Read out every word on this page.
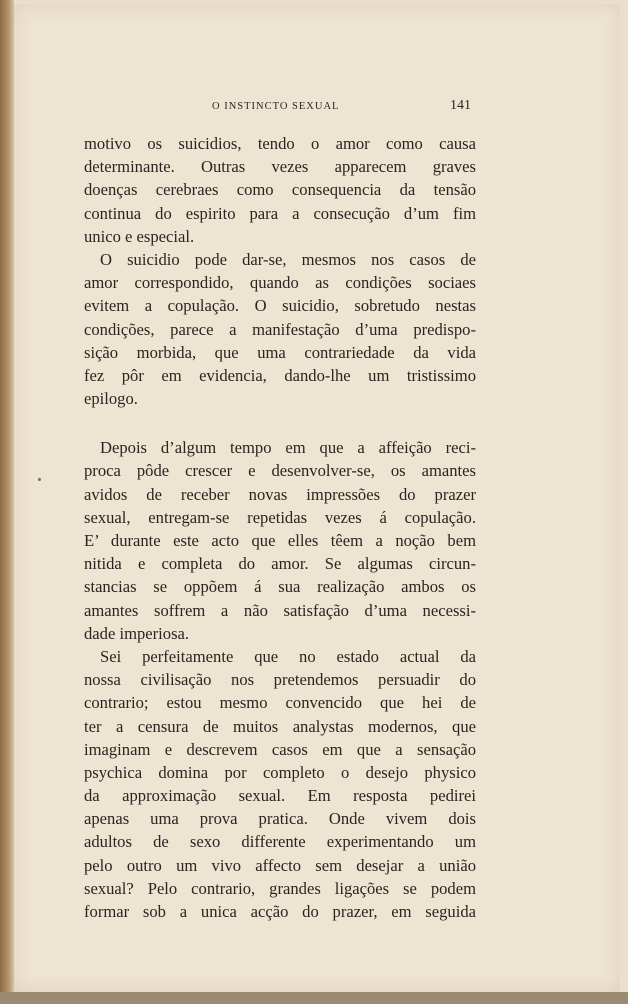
O INSTINCTO SEXUAL	141
motivo os suicidios, tendo o amor como causa
determinante. Outras vezes apparecem graves
doenças cerebraes como consequencia da tensão
continua do espirito para a consecução d’um fim
unico e especial.
O suicidio pode dar-se, mesmos nos casos de
amor correspondido, quando as condições sociaes
evitem a copulação. O suicidio, sobretudo nestas
condições, parece a manifestação d’uma predispo-
sição morbida, que uma contrariedade da vida
fez pôr em evidencia, dando-lhe um tristissimo
epilogo.
Depois d’algum tempo em que a affeição reci-
proca pôde crescer e desenvolver-se, os amantes
avidos de receber novas impressões do prazer
sexual, entregam-se repetidas vezes á copulação.
E’ durante este acto que elles têem a noção bem
nitida e completa do amor. Se algumas circun-
stancias se oppõem á sua realização ambos os
amantes soffrem a não satisfação d’uma necessi-
dade imperiosa.
Sei perfeitamente que no estado actual da
nossa civilisação nos pretendemos persuadir do
contrario; estou mesmo convencido que hei de
ter a censura de muitos analystas modernos, que
imaginam e descrevem casos em que a sensação
psychica domina por completo o desejo physico
da approximação sexual. Em resposta pedirei
apenas uma prova pratica. Onde vivem dois
adultos de sexo differente experimentando um
pelo outro um vivo affecto sem desejar a união
sexual? Pelo contrario, grandes ligações se podem
formar sob a unica acção do prazer, em seguida
